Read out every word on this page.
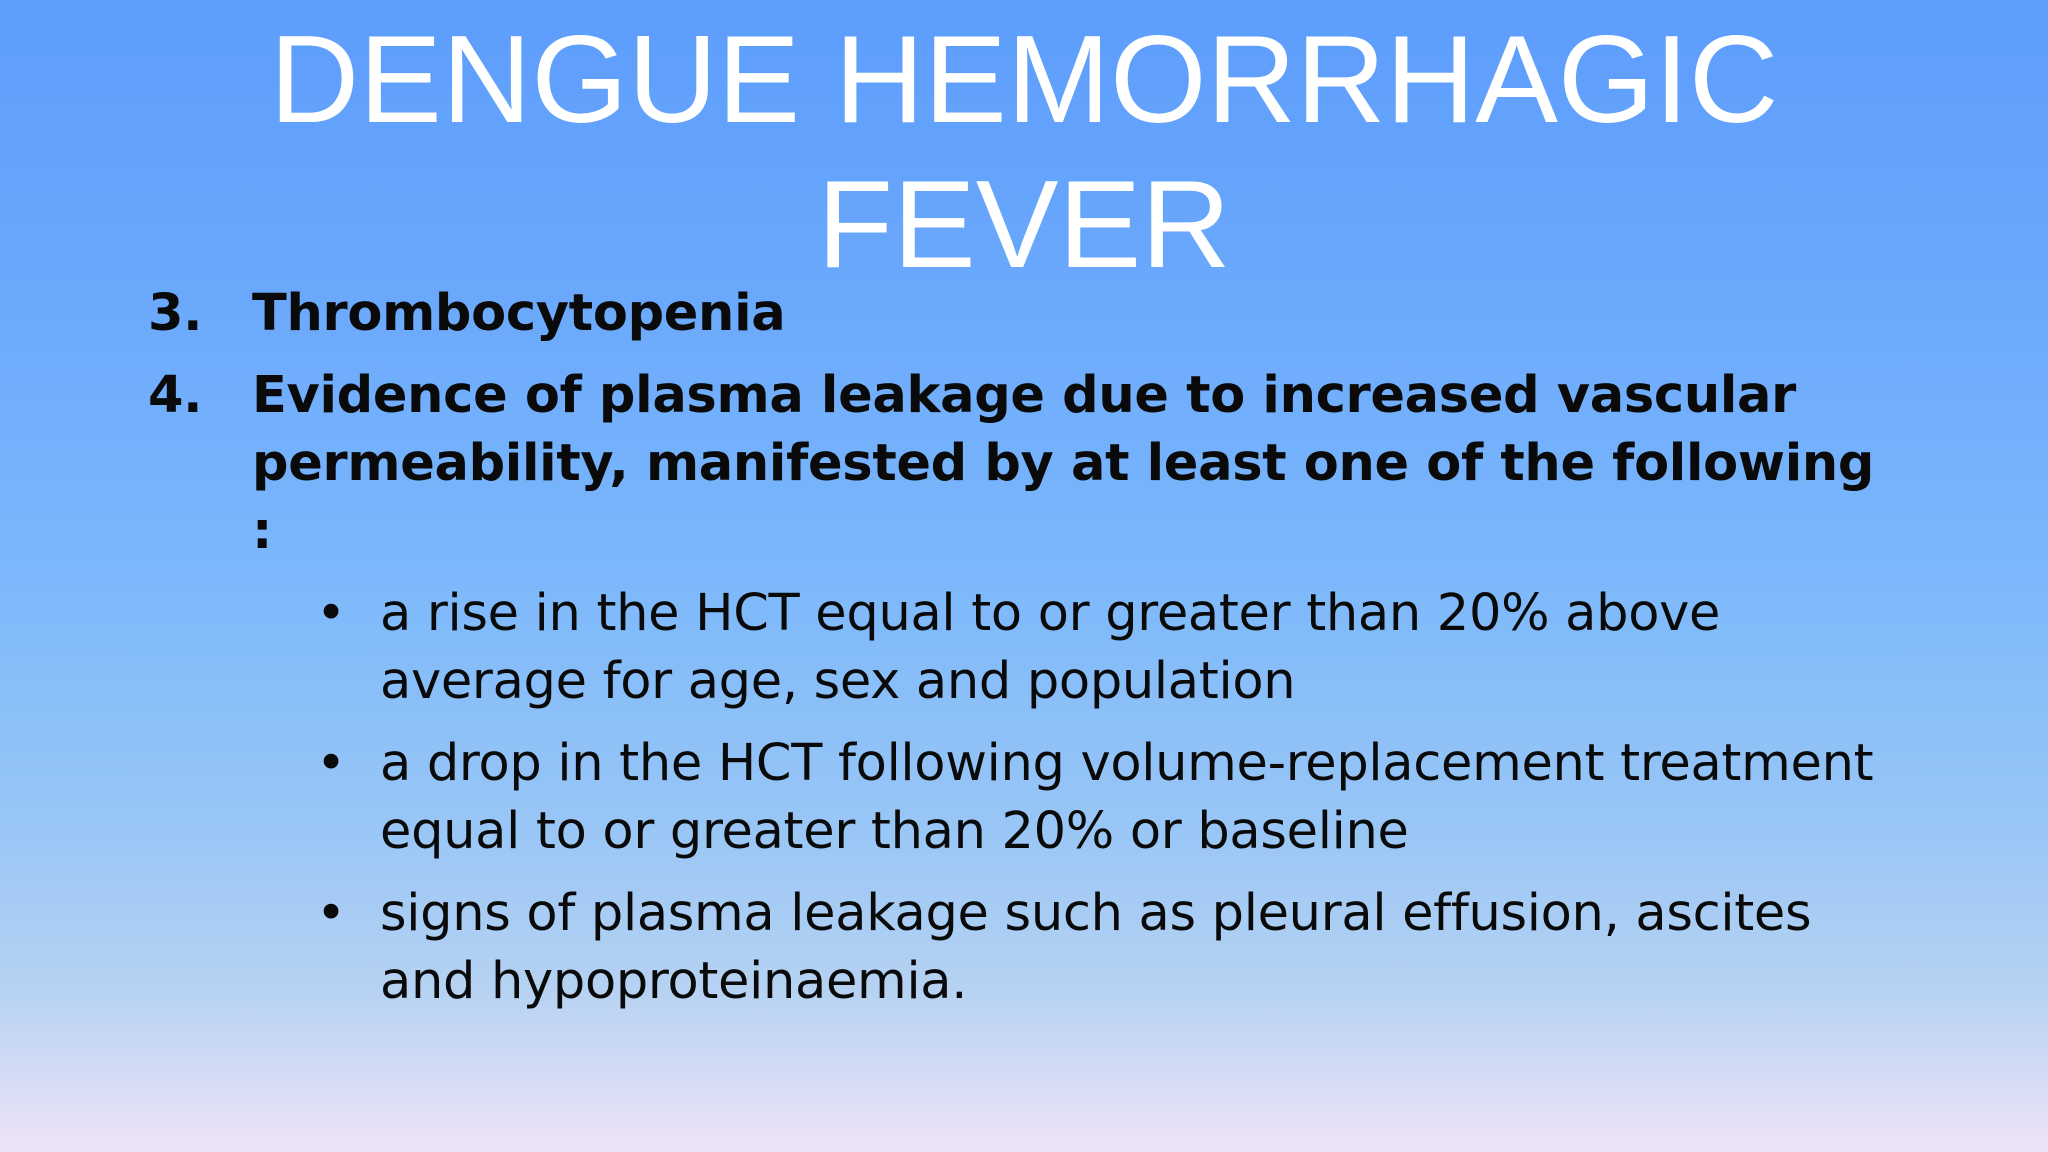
DENGUE HEMORRHAGIC
FEVER
3. Thrombocytopenia
4. Evidence of plasma leakage due to increased vascular permeability, manifested by at least one of the following :
• a rise in the HCT equal to or greater than 20% above average for age, sex and population
• a drop in the HCT following volume-replacement treatment equal to or greater than 20% or baseline
• signs of plasma leakage such as pleural effusion, ascites and hypoproteinaemia.
